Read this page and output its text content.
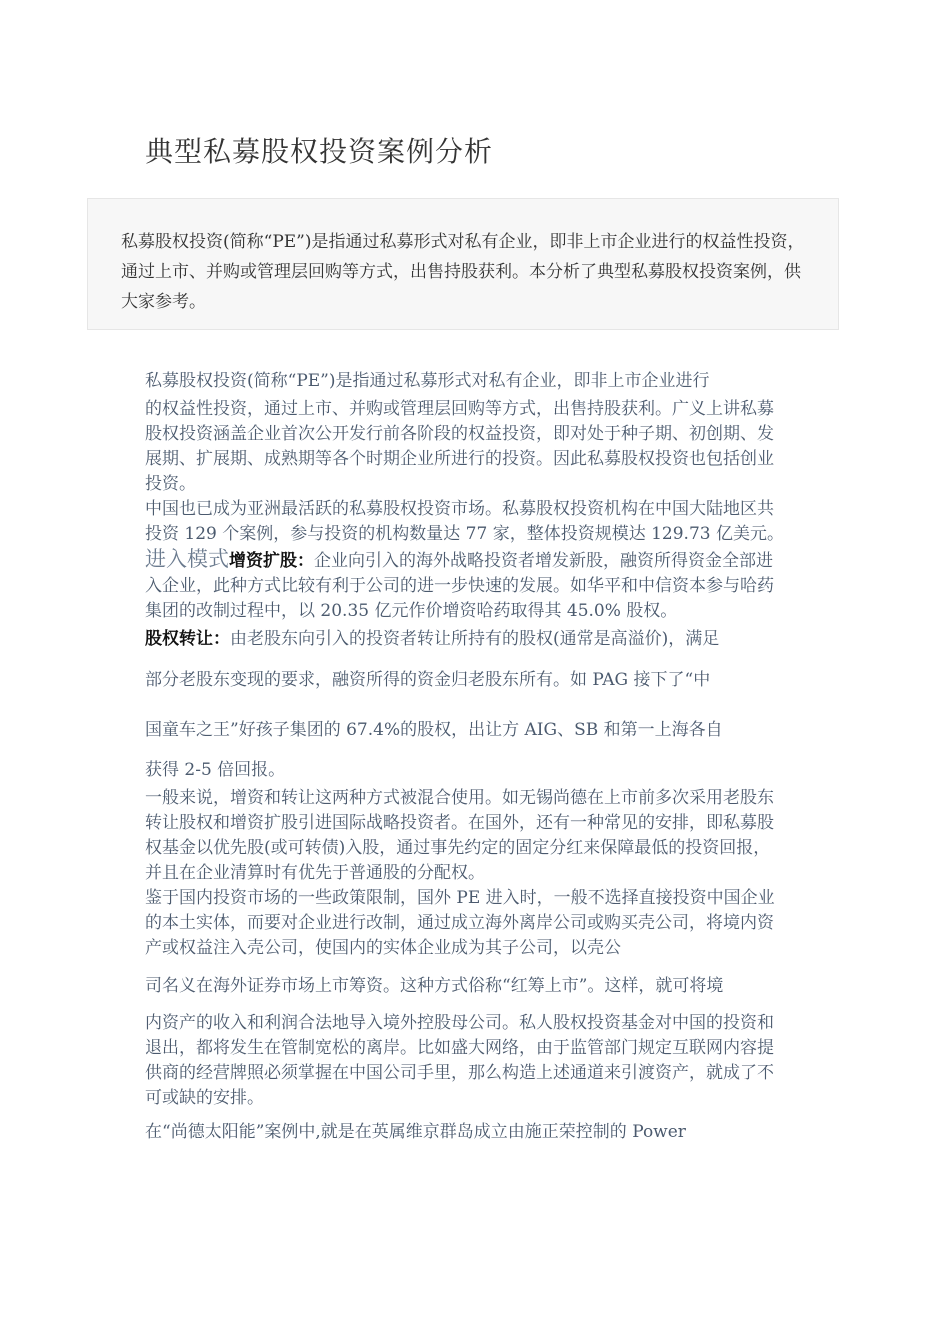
典型私募股权投资案例分析

私募股权投资(简称“PE”)是指通过私募形式对私有企业，即非上市企业进行的权益性投资，通过上市、并购或管理层回购等方式，出售持股获利。本分析了典型私募股权投资案例，供大家参考。

私募股权投资(简称“PE”)是指通过私募形式对私有企业，即非上市企业进行

的权益性投资，通过上市、并购或管理层回购等方式，出售持股获利。广义上讲私募股权投资涵盖企业首次公开发行前各阶段的权益投资，即对处于种子期、初创期、发展期、扩展期、成熟期等各个时期企业所进行的投资。因此私募股权投资也包括创业投资。

中国也已成为亚洲最活跃的私募股权投资市场。私募股权投资机构在中国大陆地区共投资 129 个案例，参与投资的机构数量达 77 家，整体投资规模达 129.73 亿美元。

进入模式增资扩股：企业向引入的海外战略投资者增发新股，融资所得资金全部进入企业，此种方式比较有利于公司的进一步快速的发展。如华平和中信资本参与哈药集团的改制过程中，以 20.35 亿元作价增资哈药取得其 45.0% 股权。

股权转让：由老股东向引入的投资者转让所持有的股权(通常是高溢价)，满足

部分老股东变现的要求，融资所得的资金归老股东所有。如 PAG 接下了“中

国童车之王”好孩子集团的 67.4%的股权，出让方 AIG、SB 和第一上海各自

获得 2-5 倍回报。

一般来说，增资和转让这两种方式被混合使用。如无锡尚德在上市前多次采用老股东转让股权和增资扩股引进国际战略投资者。在国外，还有一种常见的安排，即私募股权基金以优先股(或可转债)入股，通过事先约定的固定分红来保障最低的投资回报，并且在企业清算时有优先于普通股的分配权。

鉴于国内投资市场的一些政策限制，国外 PE 进入时，一般不选择直接投资中国企业的本土实体，而要对企业进行改制，通过成立海外离岸公司或购买壳公司，将境内资产或权益注入壳公司，使国内的实体企业成为其子公司，以壳公

司名义在海外证券市场上市筹资。这种方式俗称“红筹上市”。这样，就可将境

内资产的收入和利润合法地导入境外控股母公司。私人股权投资基金对中国的投资和退出，都将发生在管制宽松的离岸。比如盛大网络，由于监管部门规定互联网内容提供商的经营牌照必须掌握在中国公司手里，那么构造上述通道来引渡资产，就成了不可或缺的安排。

在“尚德太阳能”案例中,就是在英属维京群岛成立由施正荣控制的 Power
